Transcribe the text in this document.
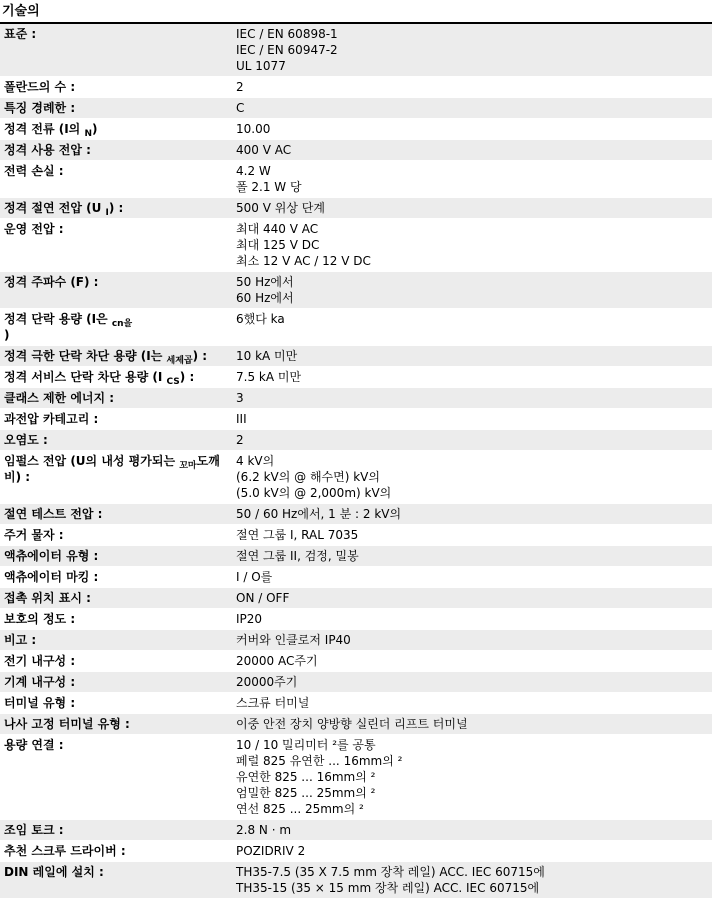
기술의
표준 :	IEC / EN 60898-1
IEC / EN 60947-2
UL 1077

폴란드의 수 :	2

특징 경례한 :	C

정격 전류 (I의 $_N$)	10.00

정격 사용 전압 :	400 V AC

전력 손실 :	4.2 W
폴 2.1 W 당

정격 절연 전압 (U $_I$) :	500 V 위상 단계

운영 전압 :	최대 440 V AC
최대 125 V DC
최소 12 V AC / 12 V DC

정격 주파수 (F) :	50 Hz에서
60 Hz에서

정격 단락 용량 (I은 $_{cn을}$
)	6했다 ka

정격 극한 단락 차단 용량 (I는 $_{세제곱}$) :	10 kA 미만

정격 서비스 단락 차단 용량 (I $_{CS}$) :	7.5 kA 미만

클래스 제한 에너지 :	3

과전압 카테고리 :	III

오염도 :	2

임펄스 전압 (U의 내성 평가되는 $_{꼬마}$도깨비) :	4 kV의
(6.2 kV의 @ 해수면) kV의
(5.0 kV의 @ 2,000m) kV의

절연 테스트 전압 :	50 / 60 Hz에서, 1 분 : 2 kV의

주거 물자 :	절연 그룹 I, RAL 7035

액츄에이터 유형 :	절연 그룹 II, 검정, 밀봉

액츄에이터 마킹 :	I / O를

접촉 위치 표시 :	ON / OFF

보호의 정도 :	IP20

비고 :	커버와 인클로저 IP40

전기 내구성 :	20000 AC주기

기계 내구성 :	20000주기

터미널 유형 :	스크류 터미널

나사 고정 터미널 유형 :	이중 안전 장치 양방향 실린더 리프트 터미널

용량 연결 :	10 / 10 밀리미터 ²를 공통
페럴 825 유연한 ... 16mm의 ²
유연한 825 ... 16mm의 ²
엄밀한 825 ... 25mm의 ²
연선 825 ... 25mm의 ²

조임 토크 :	2.8 N · m

추천 스크루 드라이버 :	POZIDRIV 2

DIN 레일에 설치 :	TH35-7.5 (35 X 7.5 mm 장착 레일) ACC. IEC 60715에
TH35-15 (35 × 15 mm 장착 레일) ACC. IEC 60715에
